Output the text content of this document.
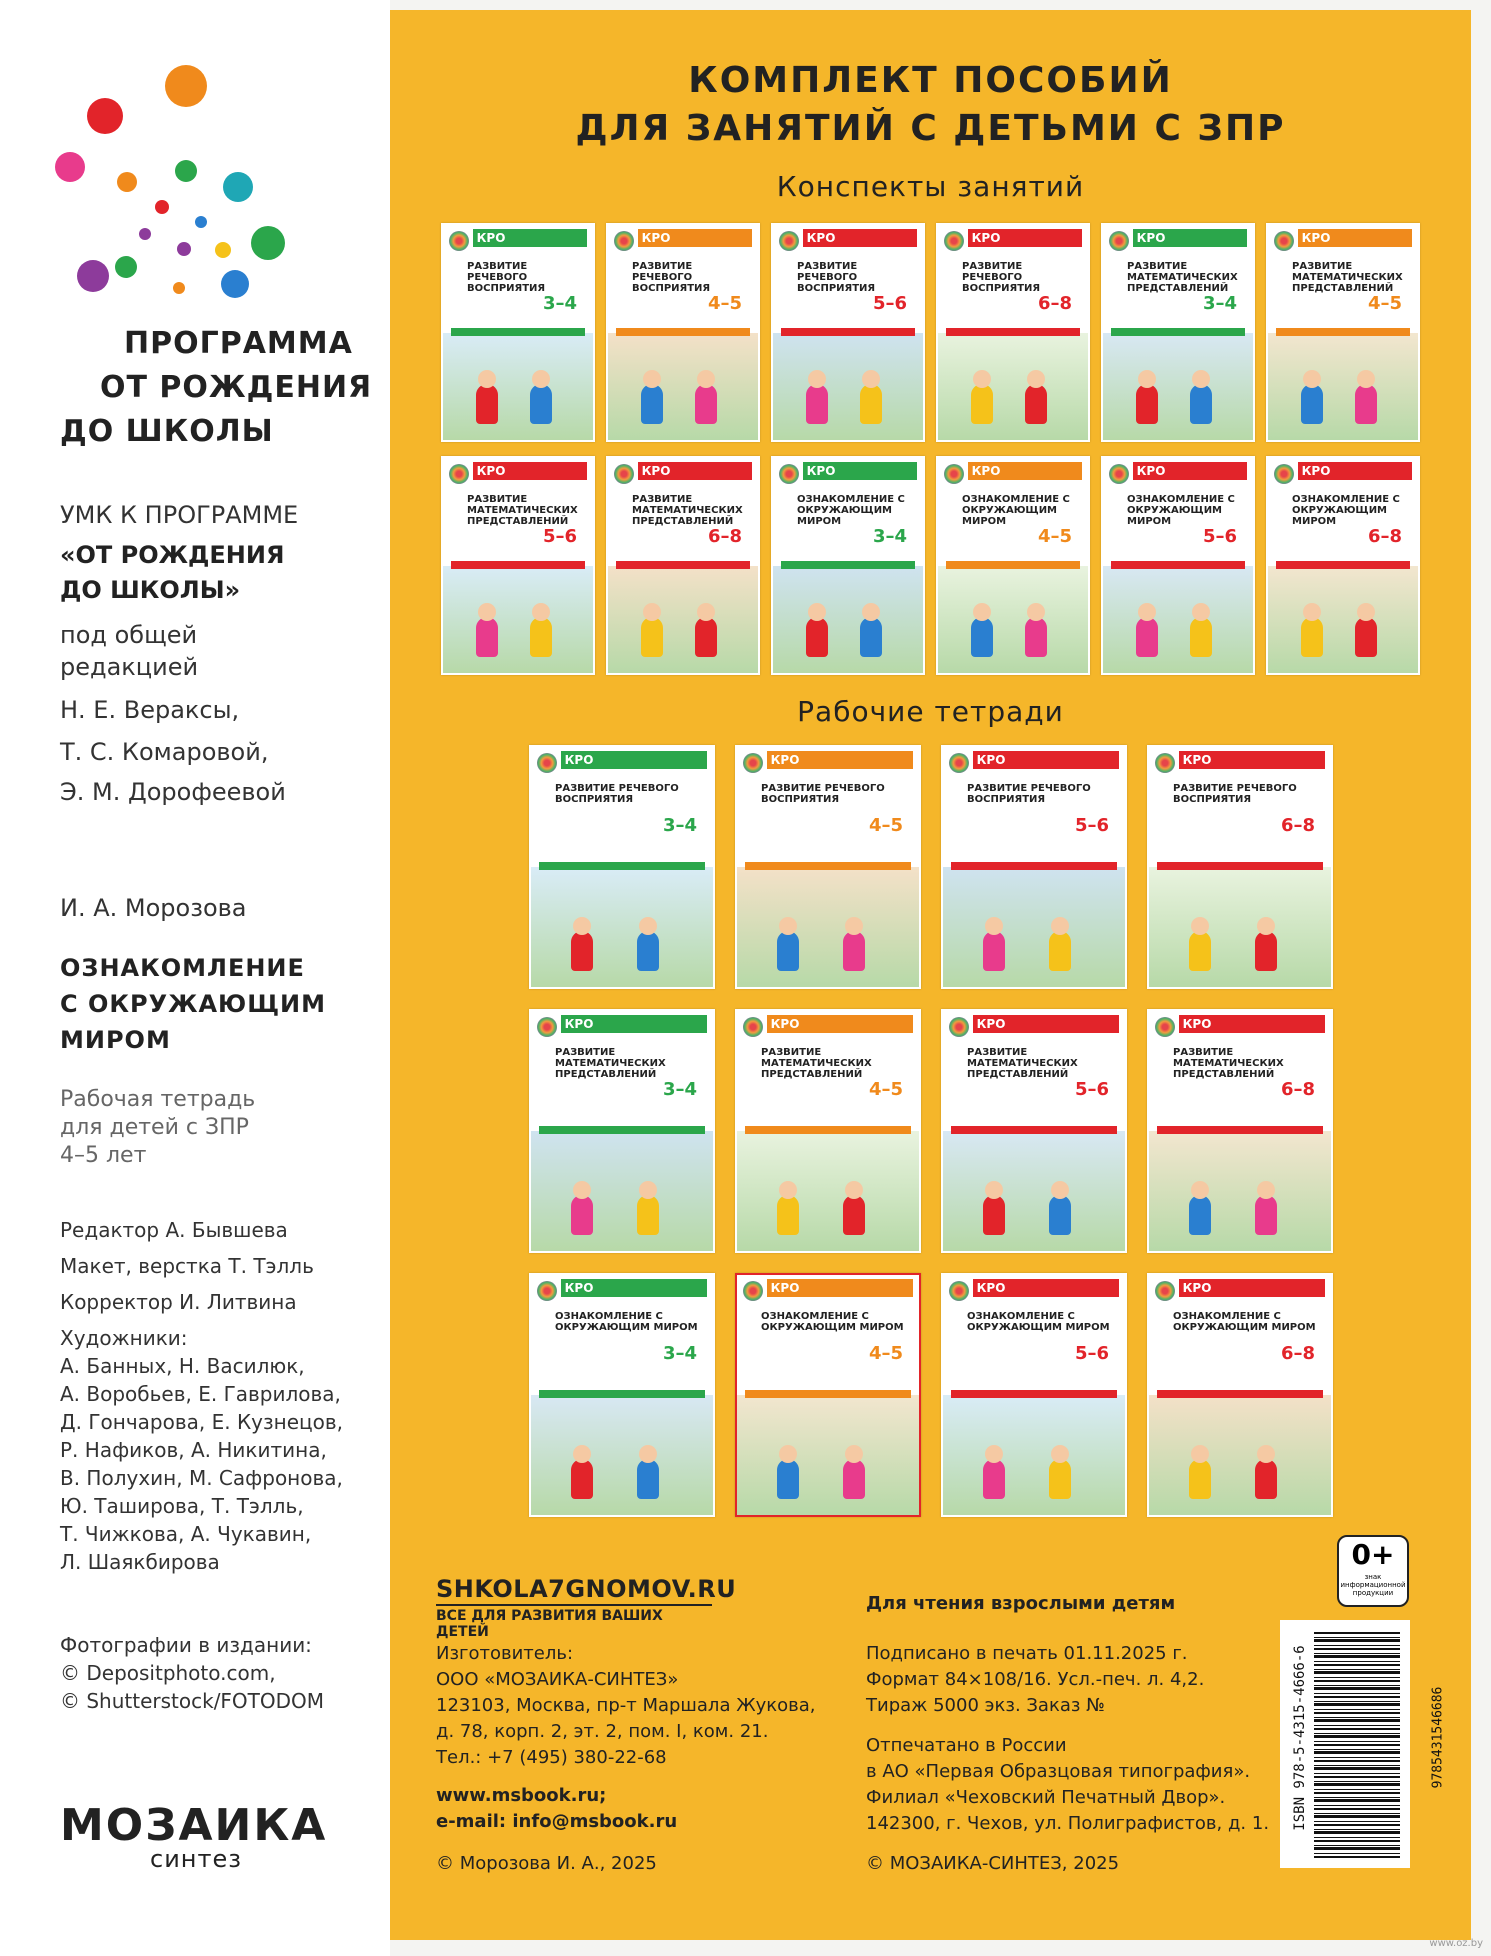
ПРОГРАММА
ОТ РОЖДЕНИЯ
ДО ШКОЛЫ
УМК К ПРОГРАММЕ
«ОТ РОЖДЕНИЯ
ДО ШКОЛЫ»
под общей
редакцией
Н. Е. Вераксы,
Т. С. Комаровой,
Э. М. Дорофеевой
И. А. Морозова
ОЗНАКОМЛЕНИЕ
С ОКРУЖАЮЩИМ
МИРОМ
Рабочая тетрадь
для детей с ЗПР
4–5 лет
Редактор А. Бывшева
Макет, верстка Т. Тэлль
Корректор И. Литвина
Художники:
А. Банных, Н. Василюк,
А. Воробьев, Е. Гаврилова,
Д. Гончарова, Е. Кузнецов,
Р. Нафиков, А. Никитина,
В. Полухин, М. Сафронова,
Ю. Таширова, Т. Тэлль,
Т. Чижкова, А. Чукавин,
Л. Шаякбирова
Фотографии в издании:
© Depositphoto.com,
© Shutterstock/FOTODOM
МОЗАИКА
синтез
КОМПЛЕКТ ПОСОБИЙ
ДЛЯ ЗАНЯТИЙ С ДЕТЬМИ С ЗПР
Конспекты занятий
Рабочие тетради
КРО
РАЗВИТИЕ РЕЧЕВОГО ВОСПРИЯТИЯ
3–4
КРО
РАЗВИТИЕ РЕЧЕВОГО ВОСПРИЯТИЯ
4–5
КРО
РАЗВИТИЕ РЕЧЕВОГО ВОСПРИЯТИЯ
5–6
КРО
РАЗВИТИЕ РЕЧЕВОГО ВОСПРИЯТИЯ
6–8
КРО
РАЗВИТИЕ МАТЕМАТИЧЕСКИХ ПРЕДСТАВЛЕНИЙ
3–4
КРО
РАЗВИТИЕ МАТЕМАТИЧЕСКИХ ПРЕДСТАВЛЕНИЙ
4–5
КРО
РАЗВИТИЕ МАТЕМАТИЧЕСКИХ ПРЕДСТАВЛЕНИЙ
5–6
КРО
РАЗВИТИЕ МАТЕМАТИЧЕСКИХ ПРЕДСТАВЛЕНИЙ
6–8
КРО
ОЗНАКОМЛЕНИЕ С ОКРУЖАЮЩИМ МИРОМ
3–4
КРО
ОЗНАКОМЛЕНИЕ С ОКРУЖАЮЩИМ МИРОМ
4–5
КРО
ОЗНАКОМЛЕНИЕ С ОКРУЖАЮЩИМ МИРОМ
5–6
КРО
ОЗНАКОМЛЕНИЕ С ОКРУЖАЮЩИМ МИРОМ
6–8
КРО
РАЗВИТИЕ РЕЧЕВОГО ВОСПРИЯТИЯ
3–4
КРО
РАЗВИТИЕ РЕЧЕВОГО ВОСПРИЯТИЯ
4–5
КРО
РАЗВИТИЕ РЕЧЕВОГО ВОСПРИЯТИЯ
5–6
КРО
РАЗВИТИЕ РЕЧЕВОГО ВОСПРИЯТИЯ
6–8
КРО
РАЗВИТИЕ МАТЕМАТИЧЕСКИХ ПРЕДСТАВЛЕНИЙ
3–4
КРО
РАЗВИТИЕ МАТЕМАТИЧЕСКИХ ПРЕДСТАВЛЕНИЙ
4–5
КРО
РАЗВИТИЕ МАТЕМАТИЧЕСКИХ ПРЕДСТАВЛЕНИЙ
5–6
КРО
РАЗВИТИЕ МАТЕМАТИЧЕСКИХ ПРЕДСТАВЛЕНИЙ
6–8
КРО
ОЗНАКОМЛЕНИЕ С ОКРУЖАЮЩИМ МИРОМ
3–4
КРО
ОЗНАКОМЛЕНИЕ С ОКРУЖАЮЩИМ МИРОМ
4–5
КРО
ОЗНАКОМЛЕНИЕ С ОКРУЖАЮЩИМ МИРОМ
5–6
КРО
ОЗНАКОМЛЕНИЕ С ОКРУЖАЮЩИМ МИРОМ
6–8
SHKOLA7GNOMOV.RU
ВСЕ ДЛЯ РАЗВИТИЯ ВАШИХ ДЕТЕЙ
Для чтения взрослыми детям
Изготовитель:
ООО «МОЗАИКА-СИНТЕЗ»
123103, Москва, пр-т Маршала Жукова,
д. 78, корп. 2, эт. 2, пом. I, ком. 21.
Тел.: +7 (495) 380-22-68
www.msbook.ru;
e-mail: info@msbook.ru
© Морозова И. А., 2025
Подписано в печать 01.11.2025 г.
Формат 84×108/16. Усл.-печ. л. 4,2.
Тираж 5000 экз. Заказ №
Отпечатано в России
в АО «Первая Образцовая типография».
Филиал «Чеховский Печатный Двор».
142300, г. Чехов, ул. Полиграфистов, д. 1.
© МОЗАИКА-СИНТЕЗ, 2025
0+
знак информационной продукции
ISBN 978-5-4315-4666-6	9785431546686
www.oz.by
